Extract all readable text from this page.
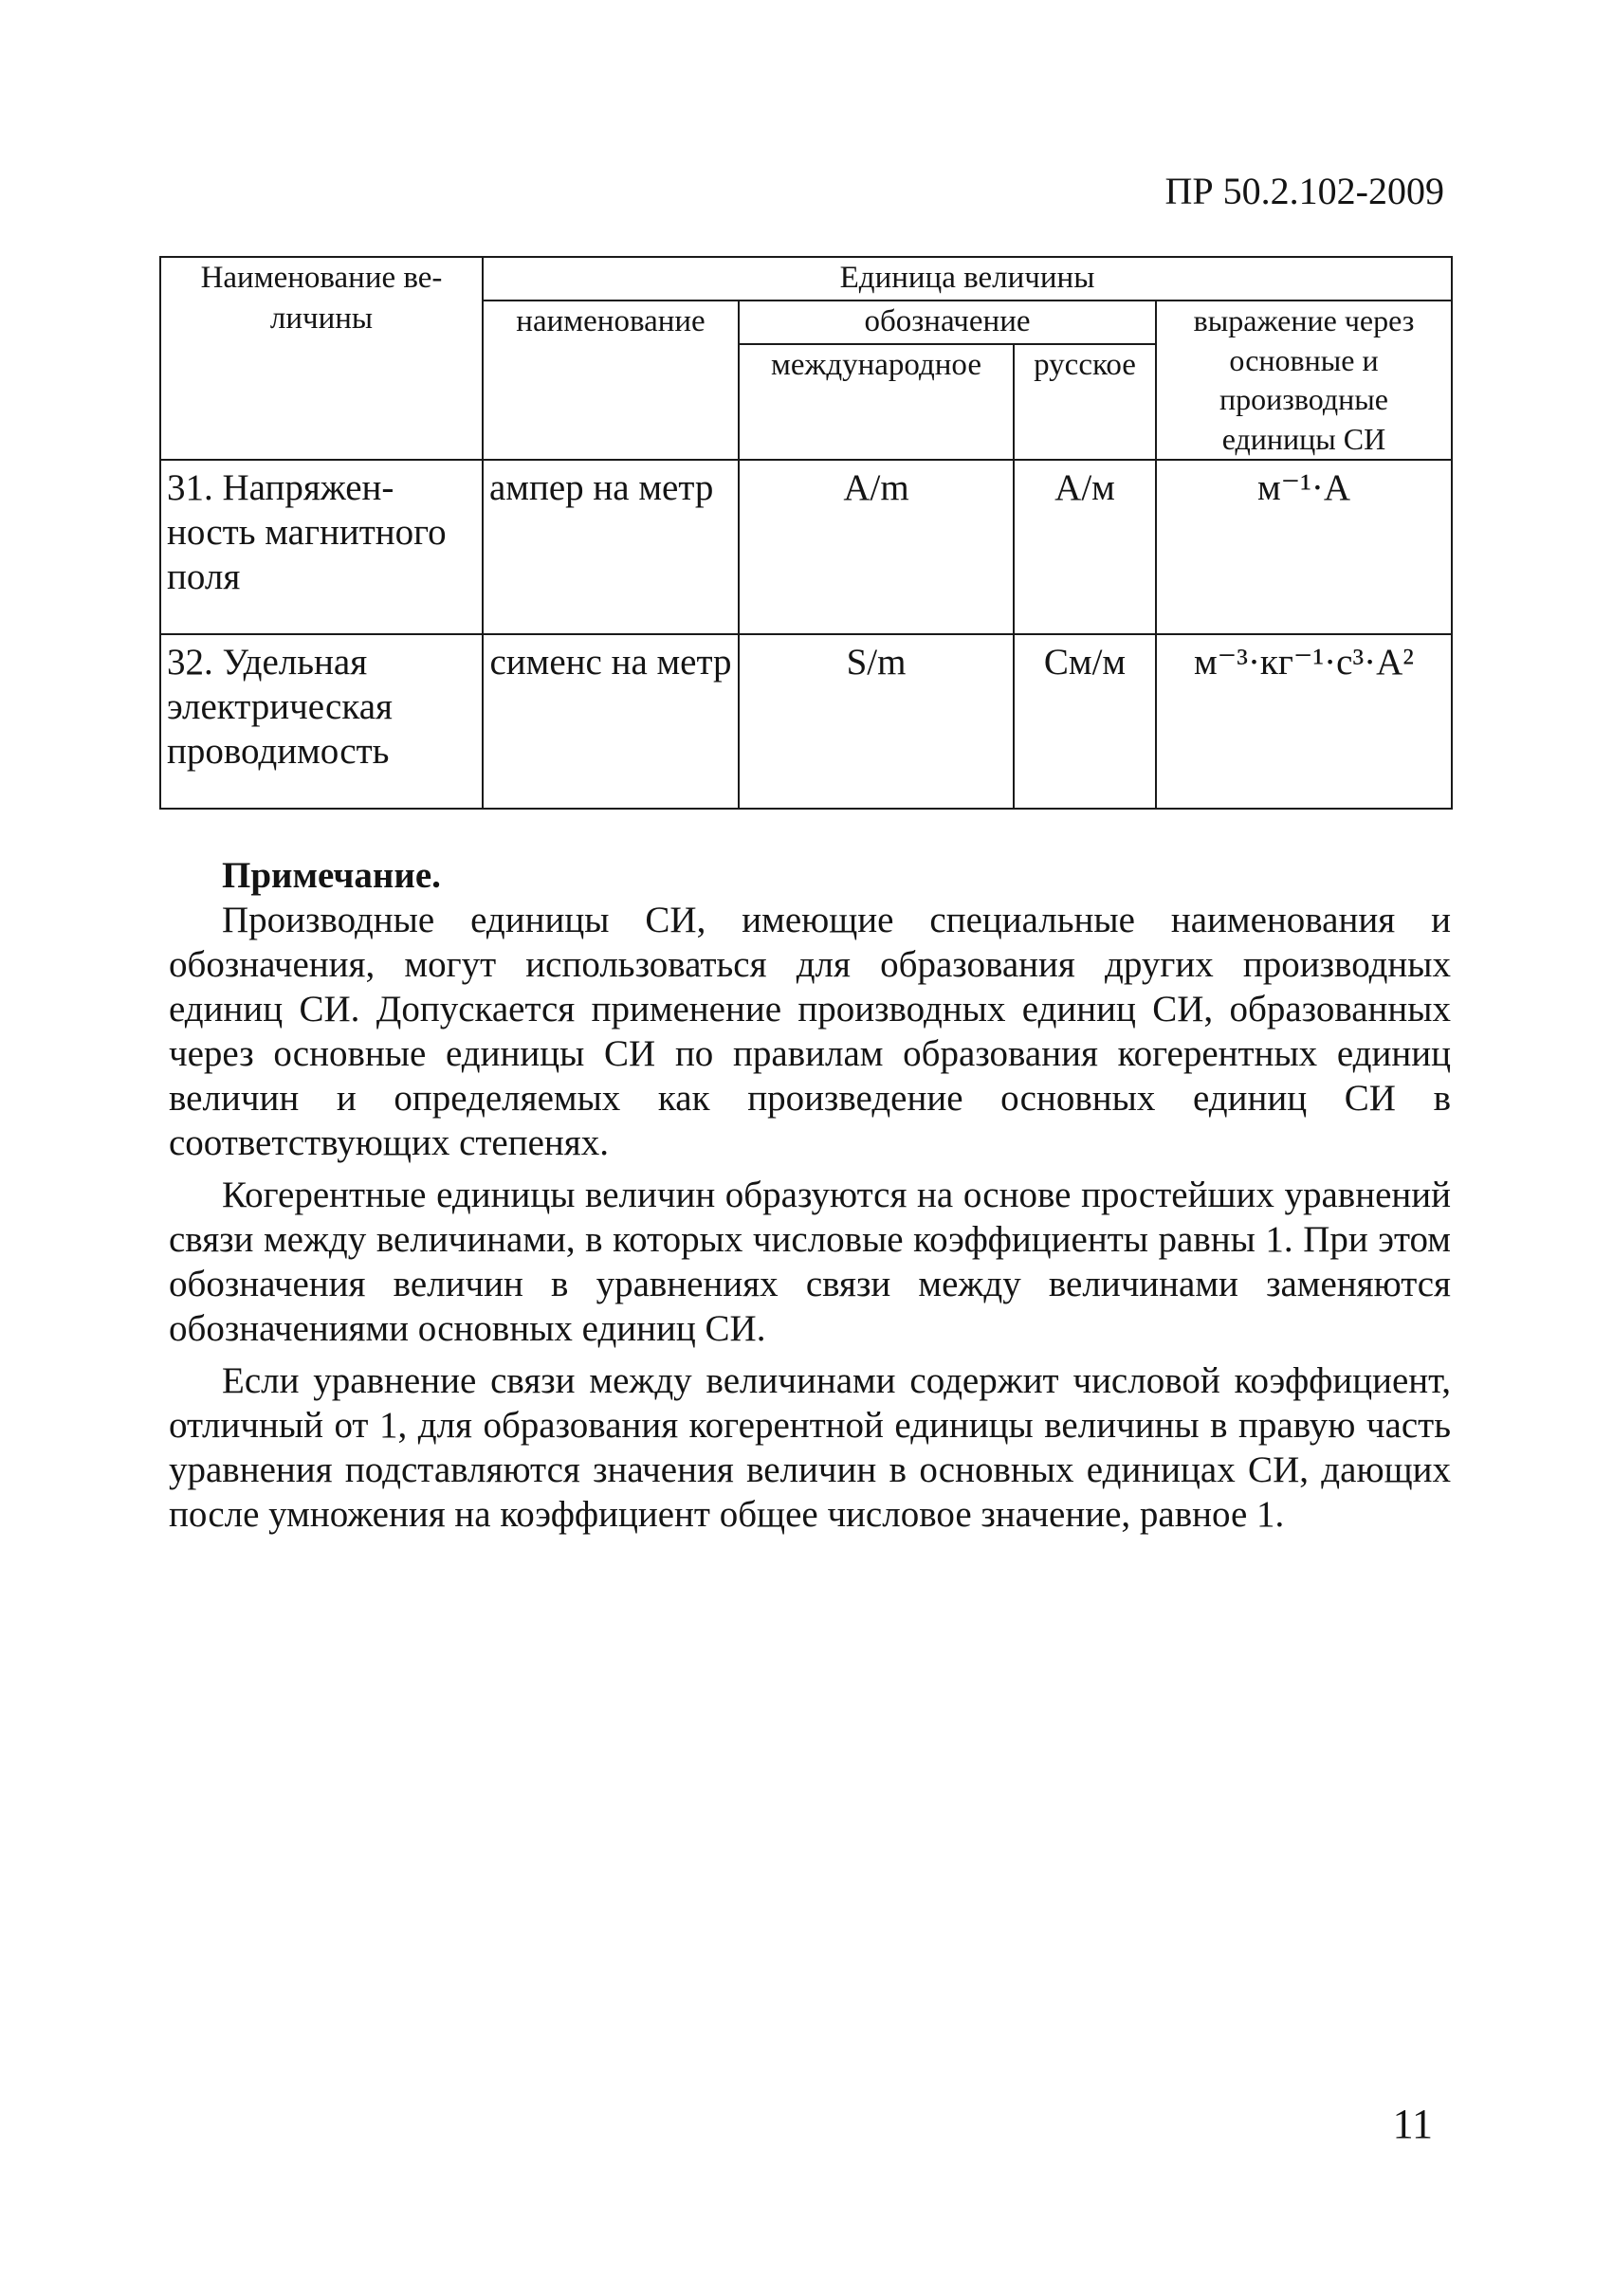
ПР 50.2.102-2009
Наименование ве-личины	Единица величины			
	наименование	обозначение		выражение через основные и производные единицы СИ
		международное	русское	
31. Напряжен-ность магнитного поля	ампер на метр	A/m	А/м	м⁻¹·А
32. Удельная электрическая проводимость	сименс на метр	S/m	См/м	м⁻³·кг⁻¹·с³·А²
Примечание.

Производные единицы СИ, имеющие специальные наименования и обозначения, могут использоваться для образования других производных единиц СИ. Допускается применение производных единиц СИ, образованных через основные единицы СИ по правилам образования когерентных единиц величин и определяемых как произведение основных единиц СИ в соответствующих степенях.

Когерентные единицы величин образуются на основе простейших уравнений связи между величинами, в которых числовые коэффициенты равны 1. При этом обозначения величин в уравнениях связи между величинами заменяются обозначениями основных единиц СИ.

Если уравнение связи между величинами содержит числовой коэффициент, отличный от 1, для образования когерентной единицы величины в правую часть уравнения подставляются значения величин в основных единицах СИ, дающих после умножения на коэффициент общее числовое значение, равное 1.

11
